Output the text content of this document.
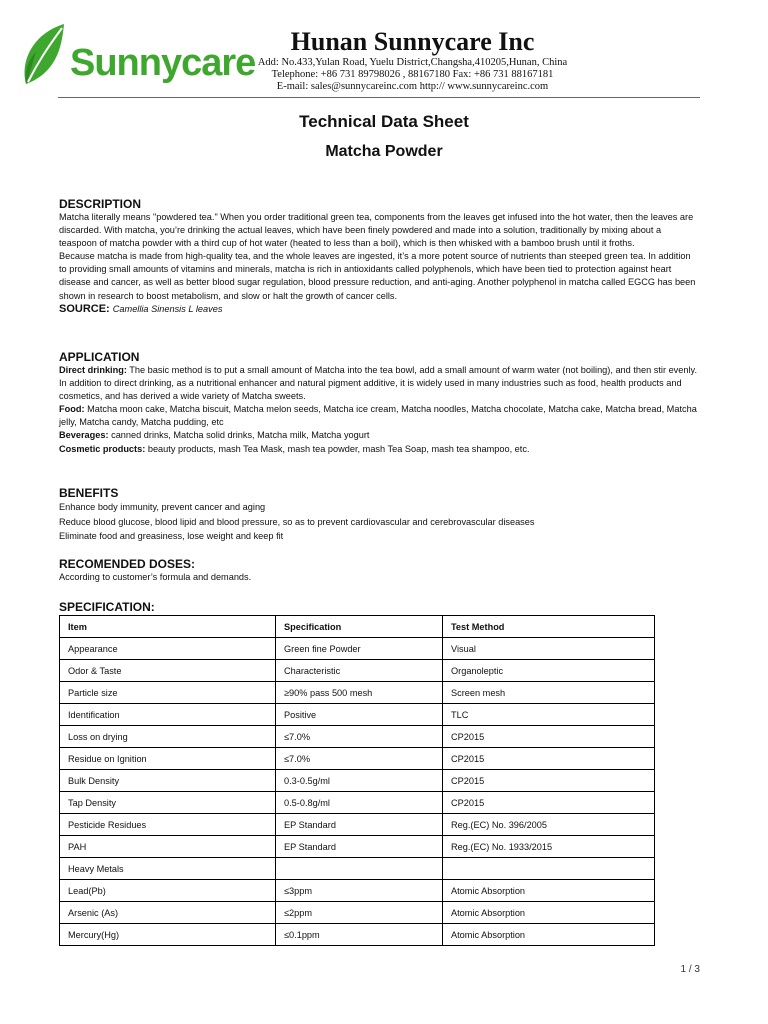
Sunnycare
Hunan Sunnycare Inc
Add: No.433,Yulan Road, Yuelu District,Changsha,410205,Hunan, China
Telephone: +86 731 89798026 , 88167180 Fax: +86 731 88167181
E-mail: sales@sunnycareinc.com http:// www.sunnycareinc.com
Technical Data Sheet
Matcha Powder
DESCRIPTION

Matcha literally means "powdered tea." When you order traditional green tea, components from the leaves get infused into the hot water, then the leaves are discarded. With matcha, you’re drinking the actual leaves, which have been finely powdered and made into a solution, traditionally by mixing about a teaspoon of matcha powder with a third cup of hot water (heated to less than a boil), which is then whisked with a bamboo brush until it froths.

Because matcha is made from high-quality tea, and the whole leaves are ingested, it’s a more potent source of nutrients than steeped green tea. In addition to providing small amounts of vitamins and minerals, matcha is rich in antioxidants called polyphenols, which have been tied to protection against heart disease and cancer, as well as better blood sugar regulation, blood pressure reduction, and anti-aging. Another polyphenol in matcha called EGCG has been shown in research to boost metabolism, and slow or halt the growth of cancer cells.

SOURCE: Camellia Sinensis L leaves

APPLICATION

Direct drinking: The basic method is to put a small amount of Matcha into the tea bowl, add a small amount of warm water (not boiling), and then stir evenly.

In addition to direct drinking, as a nutritional enhancer and natural pigment additive, it is widely used in many industries such as food, health products and cosmetics, and has derived a wide variety of Matcha sweets.

Food: Matcha moon cake, Matcha biscuit, Matcha melon seeds, Matcha ice cream, Matcha noodles, Matcha chocolate, Matcha cake, Matcha bread, Matcha jelly, Matcha candy, Matcha pudding, etc

Beverages: canned drinks, Matcha solid drinks, Matcha milk, Matcha yogurt

Cosmetic products: beauty products, mash Tea Mask, mash tea powder, mash Tea Soap, mash tea shampoo, etc.

BENEFITS

Enhance body immunity, prevent cancer and aging

Reduce blood glucose, blood lipid and blood pressure, so as to prevent cardiovascular and cerebrovascular diseases

Eliminate food and greasiness, lose weight and keep fit

RECOMENDED DOSES:

According to customer’s formula and demands.

SPECIFICATION:
Item	Specification	Test Method
Appearance	Green fine Powder	Visual
Odor & Taste	Characteristic	Organoleptic
Particle size	≥90% pass 500 mesh	Screen mesh
Identification	Positive	TLC
Loss on drying	≤7.0%	CP2015
Residue on Ignition	≤7.0%	CP2015
Bulk Density	0.3-0.5g/ml	CP2015
Tap Density	0.5-0.8g/ml	CP2015
Pesticide Residues	EP Standard	Reg.(EC) No. 396/2005
PAH	EP Standard	Reg.(EC) No. 1933/2015
Heavy Metals		
Lead(Pb)	≤3ppm	Atomic Absorption
Arsenic (As)	≤2ppm	Atomic Absorption
Mercury(Hg)	≤0.1ppm	Atomic Absorption
1 / 3
